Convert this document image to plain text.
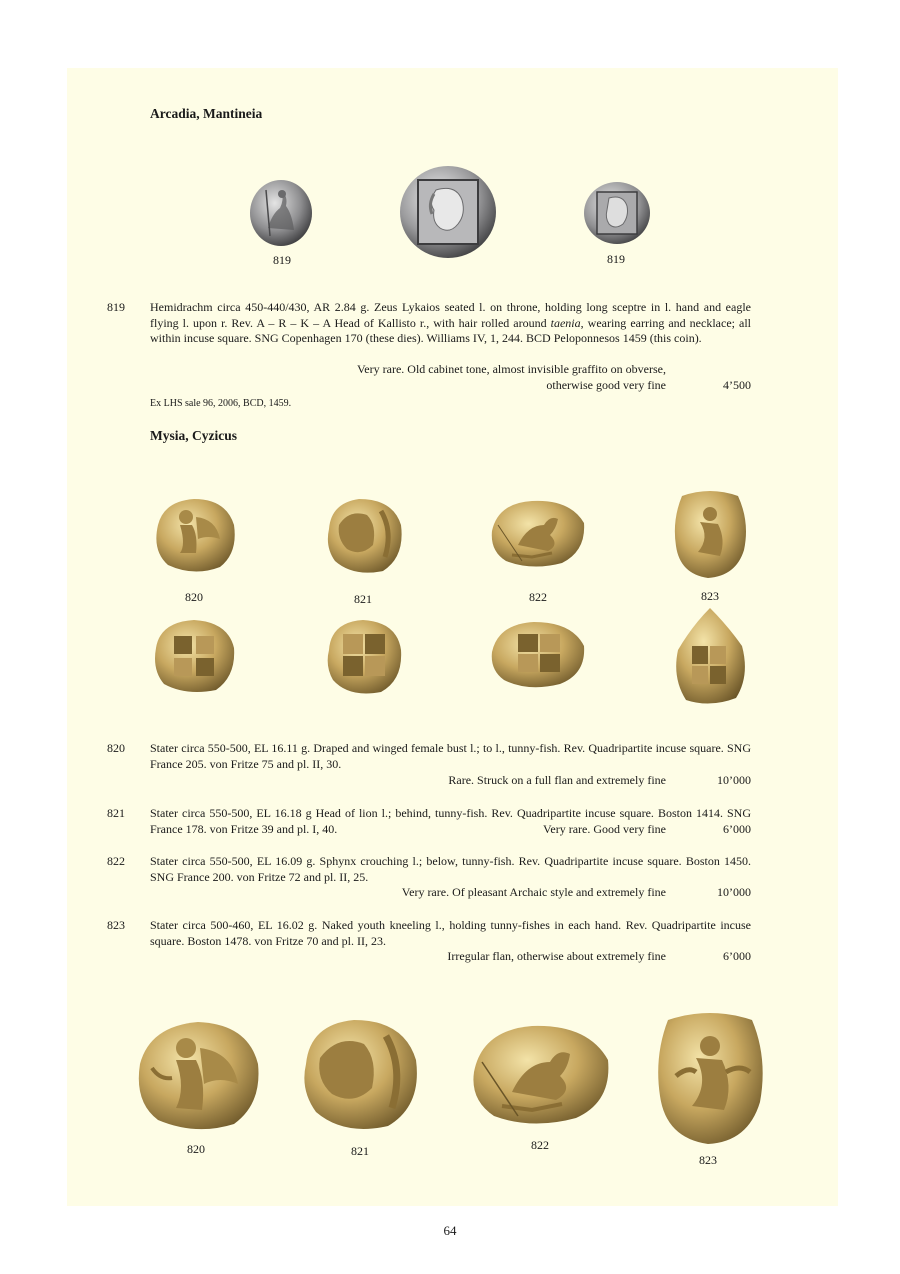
Arcadia, Mantineia
819	819
819 Hemidrachm circa 450-440/430, AR 2.84 g. Zeus Lykaios seated l. on throne, holding long sceptre in l. hand and eagle flying l. upon r. Rev. A – R – K – A Head of Kallisto r., with hair rolled around taenia, wearing earring and necklace; all within incuse square. SNG Copenhagen 170 (these dies). Williams IV, 1, 244. BCD Peloponnesos 1459 (this coin).
Very rare. Old cabinet tone, almost invisible graffito on obverse,
otherwise good very fine	4’500
Ex LHS sale 96, 2006, BCD, 1459.
Mysia, Cyzicus
820	821	822	823
820 Stater circa 550-500, EL 16.11 g. Draped and winged female bust l.; to l., tunny-fish. Rev. Quadripartite incuse square. SNG France 205. von Fritze 75 and pl. II, 30.
Rare. Struck on a full flan and extremely fine	10’000
821 Stater circa 550-500, EL 16.18 g Head of lion l.; behind, tunny-fish. Rev. Quadripartite incuse square. Boston 1414. SNG France 178. von Fritze 39 and pl. I, 40.	Very rare. Good very fine	6’000
822 Stater circa 550-500, EL 16.09 g. Sphynx crouching l.; below, tunny-fish. Rev. Quadripartite incuse square. Boston 1450. SNG France 200. von Fritze 72 and pl. II, 25.
Very rare. Of pleasant Archaic style and extremely fine	10’000
823 Stater circa 500-460, EL 16.02 g. Naked youth kneeling l., holding tunny-fishes in each hand. Rev. Quadripartite incuse square. Boston 1478. von Fritze 70 and pl. II, 23.
Irregular flan, otherwise about extremely fine	6’000
820	821	822
823
64
